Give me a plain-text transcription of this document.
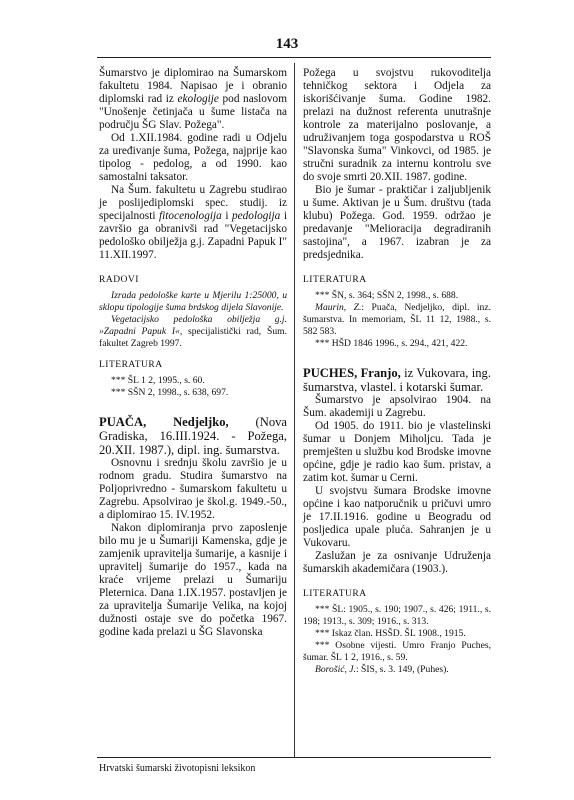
143

Šumarstvo je diplomirao na Šumarskom fakultetu 1984. Napisao je i obranio diplomski rad iz ekologije pod naslovom "Unošenje četinjača u šume listača na području ŠG Slav. Požega".

Od 1.XII.1984. godine radi u Odjelu za uređivanje šuma, Požega, najprije kao tipolog - pedolog, a od 1990. kao samostalni taksator.

Na Šum. fakultetu u Zagrebu studirao je poslijediplomski spec. studij. iz specijalnosti fitocenologija i pedologija i završio ga obranivši rad "Vegetacijsko pedološko obilježja g.j. Zapadni Papuk I" 11.XII.1997.

RADOVI

Izrada pedološke karte u Mjerilu 1:25000, u sklopu tipologije šuma brdskog dijela Slavonije.

Vegetacijsko pedološka obilježja g.j. »Zapadni Papuk I«, specijalistički rad, Šum. fakultet Zagreb 1997.

LITERATURA

*** ŠL 1 2, 1995., s. 60.

*** SŠN 2, 1998., s. 638, 697.

PUAČA, Nedjeljko, (Nova Gradiska, 16.III.1924. - Požega, 20.XII. 1987.), dipl. ing. šumarstva.

Osnovnu i srednju školu završio je u rodnom gradu. Studira šumarstvo na Poljoprivredno - šumarskom fakultetu u Zagrebu. Apsolvirao je škol.g. 1949.-50., a diplomirao 15. IV.1952.

Nakon diplomiranja prvo zaposlenje bilo mu je u Šumariji Kamenska, gdje je zamjenik upravitelja šumarije, a kasnije i upravitelj šumarije do 1957., kada na kraće vrijeme prelazi u Šumariju Pleternica. Dana 1.IX.1957. postavljen je za upravitelja Šumarije Velika, na kojoj dužnosti ostaje sve do početka 1967. godine kada prelazi u ŠG Slavonska

Požega u svojstvu rukovoditelja tehničkog sektora i Odjela za iskorišćivanje šuma. Godine 1982. prelazi na dužnost referenta unutrašnje kontrole za materijalno poslovanje, a udruživanjem toga gospodarstva u ROŠ "Slavonska šuma" Vinkovci, od 1985. je stručni suradnik za internu kontrolu sve do svoje smrti 20.XII. 1987. godine.

Bio je šumar - praktičar i zaljubljenik u šume. Aktivan je u Šum. društvu (tada klubu) Požega. God. 1959. održao je predavanje "Melioracija degradiranih sastojina", a 1967. izabran je za predsjednika.

LITERATURA

*** ŠN, s. 364; SŠN 2, 1998., s. 688.

Maurin, Z.: Puača, Nedjeljko, dipl. inz. šumarstva. In memoriam, ŠL 11 12, 1988., s. 582 583.

*** HŠD 1846 1996., s. 294., 421, 422.

PUCHES, Franjo, iz Vukovara, ing. šumarstva, vlastel. i kotarski šumar.

Šumarstvo je apsolvirao 1904. na Šum. akademiji u Zagrebu.

Od 1905. do 1911. bio je vlastelinski šumar u Donjem Miholjcu. Tada je premješten u službu kod Brodske imovne općine, gdje je radio kao šum. pristav, a zatim kot. šumar u Cerni.

U svojstvu šumara Brodske imovne općine i kao natporučnik u pričuvi umro je 17.II.1916. godine u Beogradu od posljedica upale pluća. Sahranjen je u Vukovaru.

Zaslužan je za osnivanje Udruženja šumarskih akademičara (1903.).

LITERATURA

*** ŠL: 1905., s. 190; 1907., s. 426; 1911., s. 198; 1913., s. 309; 1916., s. 313.

*** Iskaz član. HSŠD. ŠL 1908., 1915.

*** Osobne vijesti. Umro Franjo Puches, šumar. ŠL 1 2, 1916., s. 59.

Borošić, J.: ŠIS, s. 3. 149, (Puhes).

Hrvatski šumarski životopisni leksikon
